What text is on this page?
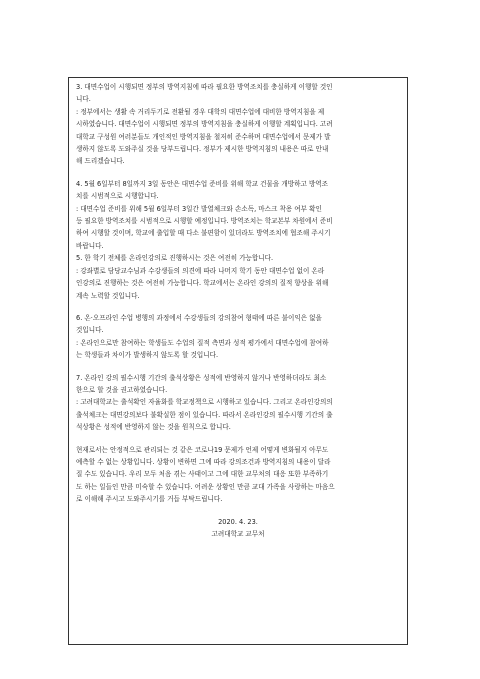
3. 대면수업이 시행되면 정부의 방역지침에 따라 필요한 방역조치를 충실하게 이행할 것인

니다.

: 정부에서는 생활 속 거리두기로 전환될 경우 대학의 대면수업에 대비한 방역지침을 제

시하였습니다. 대면수업이 시행되면 정부의 방역지침을 충실하게 이행할 계획입니다. 고려

대학교 구성원 여러분들도 개인적인 방역지침을 철저히 준수하며 대면수업에서 문제가 발

생하지 않도록 도와주실 것을 당부드립니다. 정부가 제시한 방역지침의 내용은 따로 안내

해 드리겠습니다.

4. 5월 6일부터 8일까지 3일 동안은 대면수업 준비를 위해 학교 건물을 개방하고 방역조

치를 시범적으로 시행합니다.

: 대면수업 준비를 위해 5월 6일부터 3일간 발열체크와 손소독, 마스크 착용 여부 확인

등 필요한 방역조치를 시범적으로 시행할 예정입니다. 방역조치는 학교본부 차원에서 준비

하여 시행할 것이며, 학교에 출입할 때 다소 불편함이 있더라도 방역조치에 협조해 주시기

바랍니다.

5. 한 학기 전체를 온라인강의로 진행하시는 것은 여전히 가능합니다.

: 강좌별로 담당교수님과 수강생들의 의견에 따라 나머지 학기 동안 대면수업 없이 온라

인강의로 진행하는 것은 여전히 가능합니다. 학교에서는 온라인 강의의 질적 향상을 위해

계속 노력할 것입니다.

6. 온·오프라인 수업 병행의 과정에서 수강생들의 강의참여 형태에 따른 불이익은 없을

것입니다.

: 온라인으로만 참여하는 학생들도 수업의 질적 측면과 성적 평가에서 대면수업에 참여하

는 학생들과 차이가 발생하지 않도록 할 것입니다.

7. 온라인 강의 필수시행 기간의 출석상황은 성적에 반영하지 않거나 반영하더라도 최소

한으로 할 것을 권고하였습니다.

: 고려대학교는 출석확인 자율화를 학교정책으로 시행하고 있습니다. 그리고 온라인강의의

출석체크는 대면강의보다 불확실한 점이 있습니다. 따라서 온라인강의 필수시행 기간의 출

석상황은 성적에 반영하지 않는 것을 원칙으로 합니다.

현재로서는 안정적으로 관리되는 것 같은 코로나19 문제가 언제 어떻게 변화될지 아무도

예측할 수 없는 상황입니다. 상황이 변하면 그에 따라 강의조건과 방역지침의 내용이 달라

질 수도 있습니다. 우리 모두 처음 겪는 사태이고 그에 대한 교무처의 대응 또한 부족하기

도 하는 일들인 만큼 미숙할 수 있습니다. 어려운 상황인 만큼 교대 가족을 사랑하는 마음으

로 이해해 주시고 도와주시기를 거듭 부탁드립니다.

2020. 4. 23.

고려대학교 교무처
